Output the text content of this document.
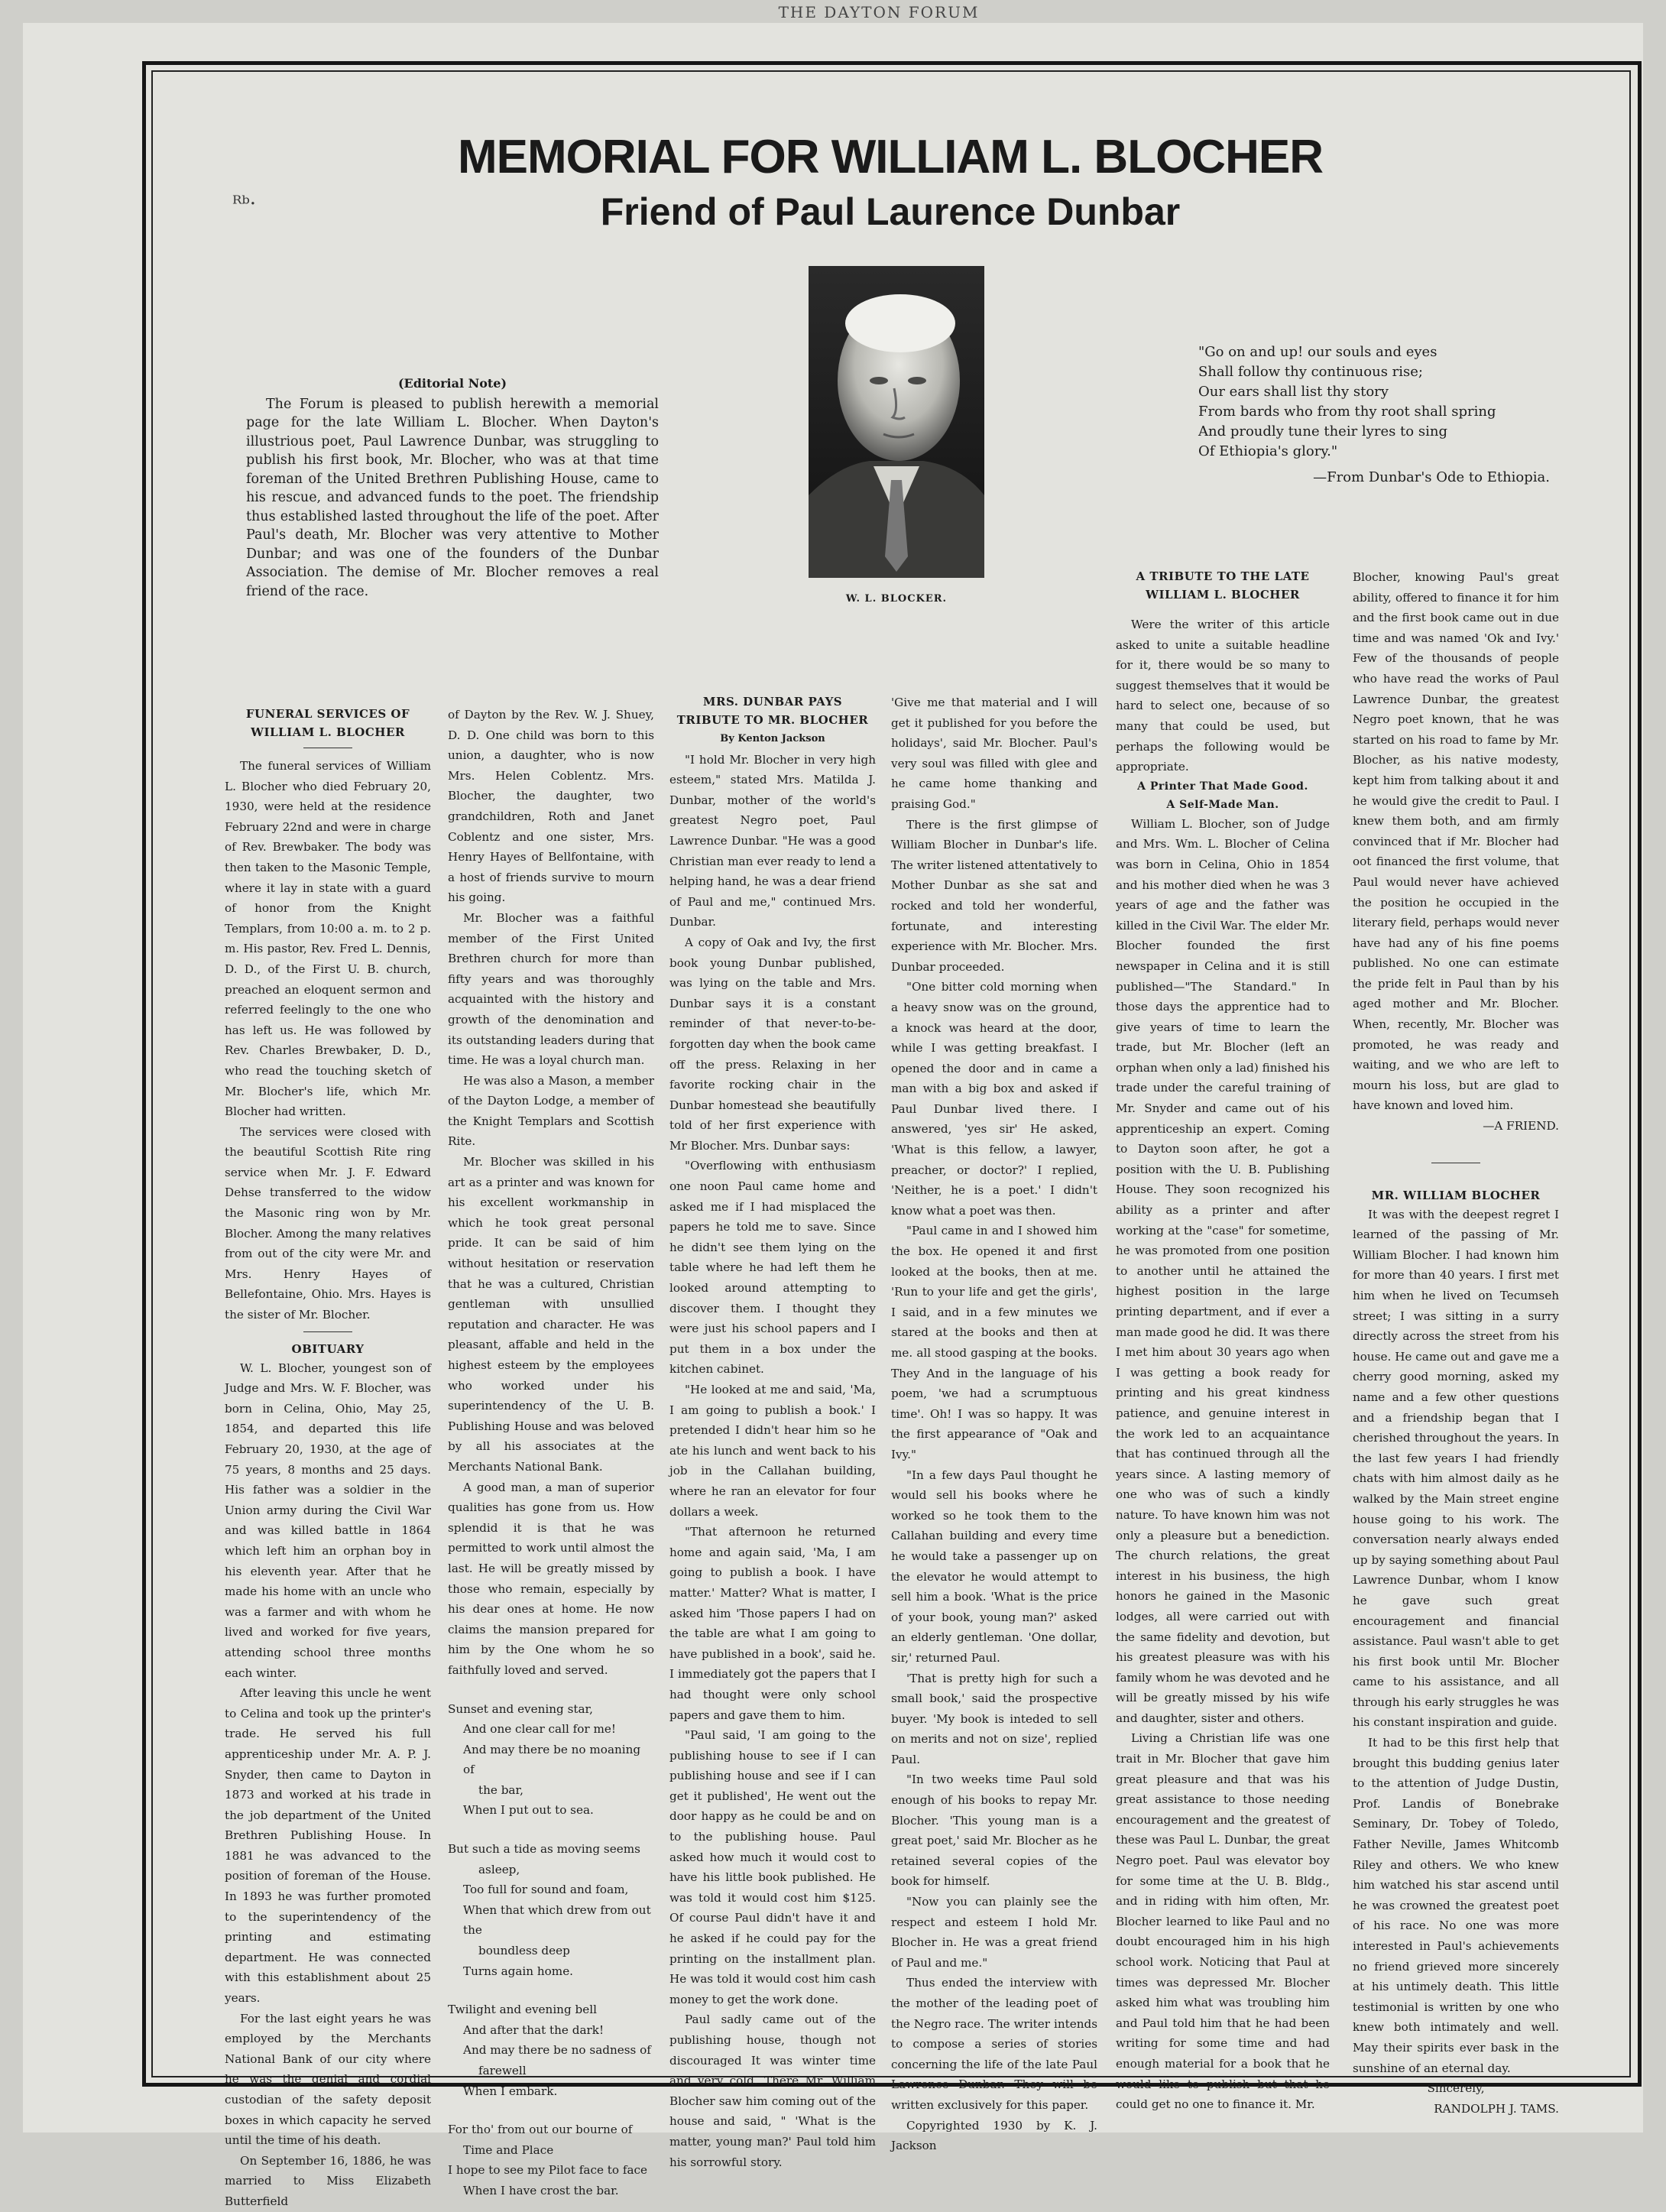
THE DAYTON FORUM
ᴿᵇ·
MEMORIAL FOR WILLIAM L. BLOCHER
Friend of Paul Laurence Dunbar
W. L. BLOCKER.
(Editorial Note)

The Forum is pleased to publish herewith a memorial page for the late William L. Blocher. When Dayton's illustrious poet, Paul Lawrence Dunbar, was struggling to publish his first book, Mr. Blocher, who was at that time foreman of the United Brethren Publishing House, came to his rescue, and advanced funds to the poet. The friendship thus established lasted throughout the life of the poet. After Paul's death, Mr. Blocher was very attentive to Mother Dunbar; and was one of the founders of the Dunbar Association. The demise of Mr. Blocher removes a real friend of the race.

"Go on and up! our souls and eyes
Shall follow thy continuous rise;
Our ears shall list thy story
From bards who from thy root shall spring
And proudly tune their lyres to sing
Of Ethiopia's glory."
—From Dunbar's Ode to Ethiopia.

FUNERAL SERVICES OF

WILLIAM L. BLOCHER

The funeral services of William L. Blocher who died February 20, 1930, were held at the residence February 22nd and were in charge of Rev. Brewbaker. The body was then taken to the Masonic Temple, where it lay in state with a guard of honor from the Knight Templars, from 10:00 a. m. to 2 p. m. His pastor, Rev. Fred L. Dennis, D. D., of the First U. B. church, preached an eloquent sermon and referred feelingly to the one who has left us. He was followed by Rev. Charles Brewbaker, D. D., who read the touching sketch of Mr. Blocher's life, which Mr. Blocher had written.

The services were closed with the beautiful Scottish Rite ring service when Mr. J. F. Edward Dehse transferred to the widow the Masonic ring won by Mr. Blocher. Among the many relatives from out of the city were Mr. and Mrs. Henry Hayes of Bellefontaine, Ohio. Mrs. Hayes is the sister of Mr. Blocher.

OBITUARY

W. L. Blocher, youngest son of Judge and Mrs. W. F. Blocher, was born in Celina, Ohio, May 25, 1854, and departed this life February 20, 1930, at the age of 75 years, 8 months and 25 days. His father was a soldier in the Union army during the Civil War and was killed battle in 1864 which left him an orphan boy in his eleventh year. After that he made his home with an uncle who was a farmer and with whom he lived and worked for five years, attending school three months each winter.

After leaving this uncle he went to Celina and took up the printer's trade. He served his full apprenticeship under Mr. A. P. J. Snyder, then came to Dayton in 1873 and worked at his trade in the job department of the United Brethren Publishing House. In 1881 he was advanced to the position of foreman of the House. In 1893 he was further promoted to the superintendency of the printing and estimating department. He was connected with this establishment about 25 years.

For the last eight years he was employed by the Merchants National Bank of our city where he was the genial and cordial custodian of the safety deposit boxes in which capacity he served until the time of his death.

On September 16, 1886, he was married to Miss Elizabeth Butterfield

of Dayton by the Rev. W. J. Shuey, D. D. One child was born to this union, a daughter, who is now Mrs. Helen Coblentz. Mrs. Blocher, the daughter, two grandchildren, Roth and Janet Coblentz and one sister, Mrs. Henry Hayes of Bellfontaine, with a host of friends survive to mourn his going.

Mr. Blocher was a faithful member of the First United Brethren church for more than fifty years and was thoroughly acquainted with the history and growth of the denomination and its outstanding leaders during that time. He was a loyal church man.

He was also a Mason, a member of the Dayton Lodge, a member of the Knight Templars and Scottish Rite.

Mr. Blocher was skilled in his art as a printer and was known for his excellent workmanship in which he took great personal pride. It can be said of him without hesitation or reservation that he was a cultured, Christian gentleman with unsullied reputation and character. He was pleasant, affable and held in the highest esteem by the employees who worked under his superintendency of the U. B. Publishing House and was beloved by all his associates at the Merchants National Bank.

A good man, a man of superior qualities has gone from us. How splendid it is that he was permitted to work until almost the last. He will be greatly missed by those who remain, especially by his dear ones at home. He now claims the mansion prepared for him by the One whom he so faithfully loved and served.

Sunset and evening star,
And one clear call for me!
And may there be no moaning of
the bar,
When I put out to sea.
But such a tide as moving seems
asleep,
Too full for sound and foam,
When that which drew from out the
boundless deep
Turns again home.
Twilight and evening bell
And after that the dark!
And may there be no sadness of
farewell
When I embark.
For tho' from out our bourne of
Time and Place
I hope to see my Pilot face to face
When I have crost the bar.

MRS. DUNBAR PAYS TRIBUTE TO MR. BLOCHER

By Kenton Jackson

"I hold Mr. Blocher in very high esteem," stated Mrs. Matilda J. Dunbar, mother of the world's greatest Negro poet, Paul Lawrence Dunbar. "He was a good Christian man ever ready to lend a helping hand, he was a dear friend of Paul and me," continued Mrs. Dunbar.

A copy of Oak and Ivy, the first book young Dunbar published, was lying on the table and Mrs. Dunbar says it is a constant reminder of that never-to-be-forgotten day when the book came off the press. Relaxing in her favorite rocking chair in the Dunbar homestead she beautifully told of her first experience with Mr Blocher. Mrs. Dunbar says:

"Overflowing with enthusiasm one noon Paul came home and asked me if I had misplaced the papers he told me to save. Since he didn't see them lying on the table where he had left them he looked around attempting to discover them. I thought they were just his school papers and I put them in a box under the kitchen cabinet.

"He looked at me and said, 'Ma, I am going to publish a book.' I pretended I didn't hear him so he ate his lunch and went back to his job in the Callahan building, where he ran an elevator for four dollars a week.

"That afternoon he returned home and again said, 'Ma, I am going to publish a book. I have matter.' Matter? What is matter, I asked him 'Those papers I had on the table are what I am going to have published in a book', said he. I immediately got the papers that I had thought were only school papers and gave them to him.

"Paul said, 'I am going to the publishing house to see if I can publishing house and see if I can get it published', He went out the door happy as he could be and on to the publishing house. Paul asked how much it would cost to have his little book published. He was told it would cost him $125. Of course Paul didn't have it and he asked if he could pay for the printing on the installment plan. He was told it would cost him cash money to get the work done.

Paul sadly came out of the publishing house, though not discouraged It was winter time and very cold. There Mr. William Blocher saw him coming out of the house and said, " 'What is the matter, young man?' Paul told him his sorrowful story.

'Give me that material and I will get it published for you before the holidays', said Mr. Blocher. Paul's very soul was filled with glee and he came home thanking and praising God."

There is the first glimpse of William Blocher in Dunbar's life. The writer listened attentatively to Mother Dunbar as she sat and rocked and told her wonderful, fortunate, and interesting experience with Mr. Blocher. Mrs. Dunbar proceeded.

"One bitter cold morning when a heavy snow was on the ground, a knock was heard at the door, while I was getting breakfast. I opened the door and in came a man with a big box and asked if Paul Dunbar lived there. I answered, 'yes sir' He asked, 'What is this fellow, a lawyer, preacher, or doctor?' I replied, 'Neither, he is a poet.' I didn't know what a poet was then.

"Paul came in and I showed him the box. He opened it and first looked at the books, then at me. 'Run to your life and get the girls', I said, and in a few minutes we stared at the books and then at me. all stood gasping at the books. They And in the language of his poem, 'we had a scrumptuous time'. Oh! I was so happy. It was the first appearance of "Oak and Ivy."

"In a few days Paul thought he would sell his books where he worked so he took them to the Callahan building and every time he would take a passenger up on the elevator he would attempt to sell him a book. 'What is the price of your book, young man?' asked an elderly gentleman. 'One dollar, sir,' returned Paul.

'That is pretty high for such a small book,' said the prospective buyer. 'My book is inteded to sell on merits and not on size', replied Paul.

"In two weeks time Paul sold enough of his books to repay Mr. Blocher. 'This young man is a great poet,' said Mr. Blocher as he retained several copies of the book for himself.

"Now you can plainly see the respect and esteem I hold Mr. Blocher in. He was a great friend of Paul and me."

Thus ended the interview with the mother of the leading poet of the Negro race. The writer intends to compose a series of stories concerning the life of the late Paul Lawrence Dunbar. They will be written exclusively for this paper.

Copyrighted 1930 by K. J. Jackson

A TRIBUTE TO THE LATE

WILLIAM L. BLOCHER

Were the writer of this article asked to unite a suitable headline for it, there would be so many to suggest themselves that it would be hard to select one, because of so many that could be used, but perhaps the following would be appropriate.

A Printer That Made Good.

A Self-Made Man.

William L. Blocher, son of Judge and Mrs. Wm. L. Blocher of Celina was born in Celina, Ohio in 1854 and his mother died when he was 3 years of age and the father was killed in the Civil War. The elder Mr. Blocher founded the first newspaper in Celina and it is still published—"The Standard." In those days the apprentice had to give years of time to learn the trade, but Mr. Blocher (left an orphan when only a lad) finished his trade under the careful training of Mr. Snyder and came out of his apprenticeship an expert. Coming to Dayton soon after, he got a position with the U. B. Publishing House. They soon recognized his ability as a printer and after working at the "case" for sometime, he was promoted from one position to another until he attained the highest position in the large printing department, and if ever a man made good he did. It was there I met him about 30 years ago when I was getting a book ready for printing and his great kindness patience, and genuine interest in the work led to an acquaintance that has continued through all the years since. A lasting memory of one who was of such a kindly nature. To have known him was not only a pleasure but a benediction. The church relations, the great interest in his business, the high honors he gained in the Masonic lodges, all were carried out with the same fidelity and devotion, but his greatest pleasure was with his family whom he was devoted and he will be greatly missed by his wife and daughter, sister and others.

Living a Christian life was one trait in Mr. Blocher that gave him great pleasure and that was his great assistance to those needing encouragement and the greatest of these was Paul L. Dunbar, the great Negro poet. Paul was elevator boy for some time at the U. B. Bldg., and in riding with him often, Mr. Blocher learned to like Paul and no doubt encouraged him in his high school work. Noticing that Paul at times was depressed Mr. Blocher asked him what was troubling him and Paul told him that he had been writing for some time and had enough material for a book that he would like to publish but that he could get no one to finance it. Mr.

Blocher, knowing Paul's great ability, offered to finance it for him and the first book came out in due time and was named 'Ok and Ivy.' Few of the thousands of people who have read the works of Paul Lawrence Dunbar, the greatest Negro poet known, that he was started on his road to fame by Mr. Blocher, as his native modesty, kept him from talking about it and he would give the credit to Paul. I knew them both, and am firmly convinced that if Mr. Blocher had oot financed the first volume, that Paul would never have achieved the position he occupied in the literary field, perhaps would never have had any of his fine poems published. No one can estimate the pride felt in Paul than by his aged mother and Mr. Blocher. When, recently, Mr. Blocher was promoted, he was ready and waiting, and we who are left to mourn his loss, but are glad to have known and loved him.

—A FRIEND.

MR. WILLIAM BLOCHER

It was with the deepest regret I learned of the passing of Mr. William Blocher. I had known him for more than 40 years. I first met him when he lived on Tecumseh street; I was sitting in a surry directly across the street from his house. He came out and gave me a cherry good morning, asked my name and a few other questions and a friendship began that I cherished throughout the years. In the last few years I had friendly chats with him almost daily as he walked by the Main street engine house going to his work. The conversation nearly always ended up by saying something about Paul Lawrence Dunbar, whom I know he gave such great encouragement and financial assistance. Paul wasn't able to get his first book until Mr. Blocher came to his assistance, and all through his early struggles he was his constant inspiration and guide.

It had to be this first help that brought this budding genius later to the attention of Judge Dustin, Prof. Landis of Bonebrake Seminary, Dr. Tobey of Toledo, Father Neville, James Whitcomb Riley and others. We who knew him watched his star ascend until he was crowned the greatest poet of his race. No one was more interested in Paul's achievements no friend grieved more sincerely at his untimely death. This little testimonial is written by one who knew both intimately and well. May their spirits ever bask in the sunshine of an eternal day.

Sincerely,

RANDOLPH J. TAMS.
